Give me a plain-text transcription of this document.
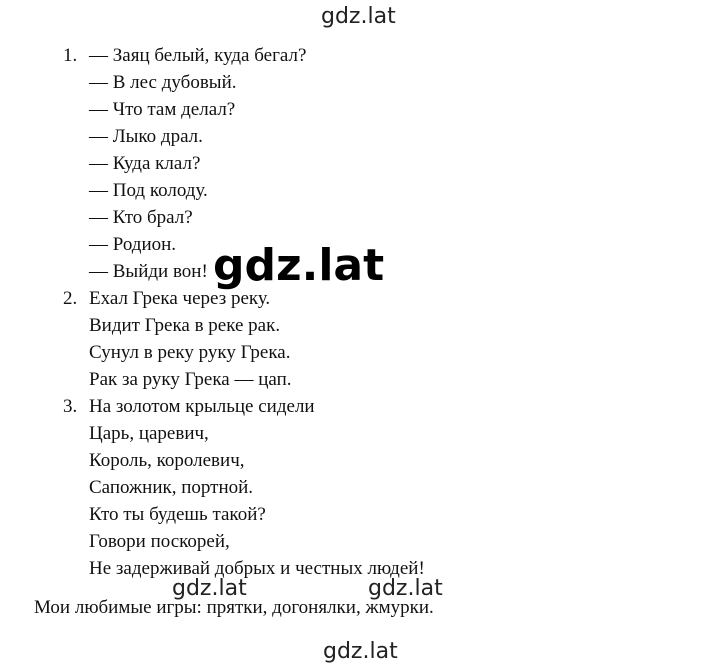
gdz.lat
1. — Заяц белый, куда бегал?
— В лес дубовый.
— Что там делал?
— Лыко драл.
— Куда клал?
— Под колоду.
— Кто брал?
— Родион.
— Выйди вон!
2. Ехал Грека через реку.
Видит Грека в реке рак.
Сунул в реку руку Грека.
Рак за руку Грека — цап.
3. На золотом крыльце сидели
Царь, царевич,
Король, королевич,
Сапожник, портной.
Кто ты будешь такой?
Говори поскорей,
Не задерживай добрых и честных людей!
Мои любимые игры: прятки, догонялки, жмурки.
gdz.lat
gdz.lat	gdz.lat
gdz.lat
